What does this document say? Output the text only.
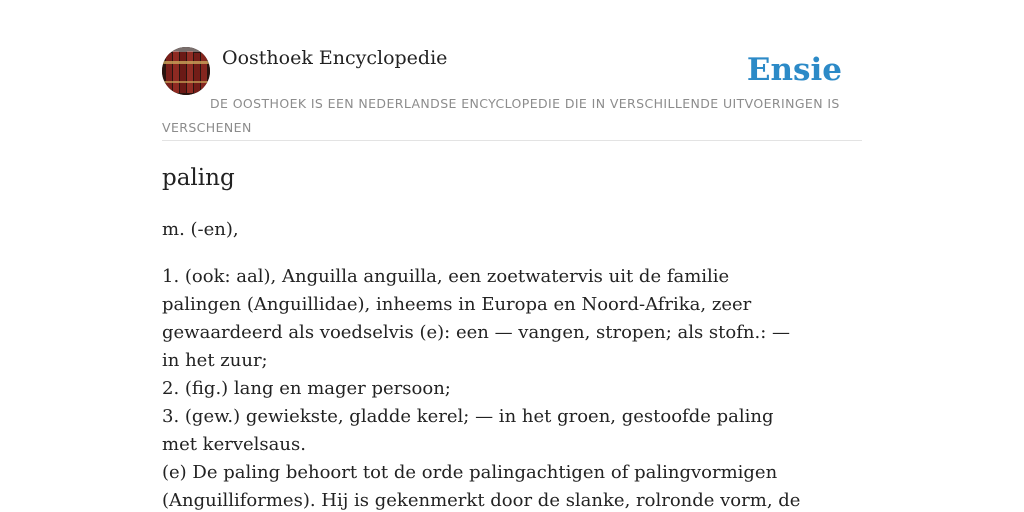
Oosthoek Encyclopedie	Ensie
DE OOSTHOEK IS EEN NEDERLANDSE ENCYCLOPEDIE DIE IN VERSCHILLENDE UITVOERINGEN IS VERSCHENEN
paling
m. (-en),
1. (ook: aal), Anguilla anguilla, een zoetwatervis uit de familie palingen (Anguillidae), inheems in Europa en Noord-Afrika, zeer gewaardeerd als voedselvis (e): een — vangen, stropen; als stofn.: — in het zuur;
2. (fig.) lang en mager persoon;
3. (gew.) gewiekste, gladde kerel; — in het groen, gestoofde paling met kervelsaus.
(e) De paling behoort tot de orde palingachtigen of palingvormigen (Anguilliformes). Hij is gekenmerkt door de slanke, rolronde vorm, de
